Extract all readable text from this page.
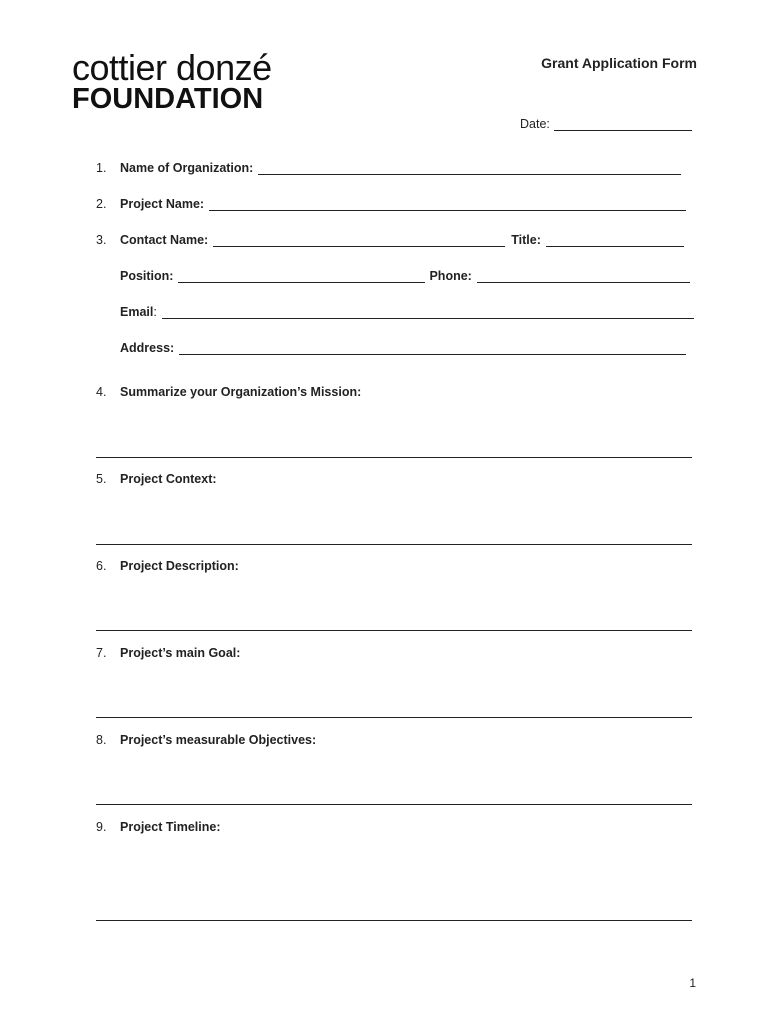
cottier donzé
FOUNDATION
Grant Application Form
Date:
1.	Name of Organization:
2.	Project Name:
3.	Contact Name:	Title:
Position:	Phone:
Email :
Address:
4.	Summarize your Organization’s Mission:
5.	Project Context:
6.	Project Description:
7.	Project’s main Goal:
8.	Project’s measurable Objectives:
9.	Project Timeline:
1
